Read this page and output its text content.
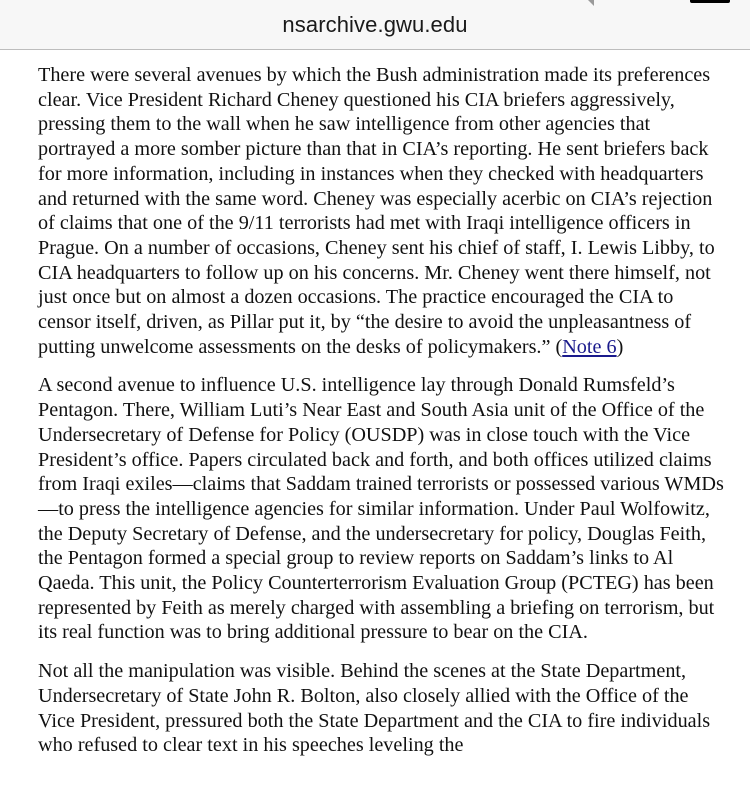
nsarchive.gwu.edu

There were several avenues by which the Bush administration made its preferences clear. Vice President Richard Cheney questioned his CIA briefers aggressively, pressing them to the wall when he saw intelligence from other agencies that portrayed a more somber picture than that in CIA’s reporting. He sent briefers back for more information, including in instances when they checked with headquarters and returned with the same word. Cheney was especially acerbic on CIA’s rejection of claims that one of the 9/11 terrorists had met with Iraqi intelligence officers in Prague. On a number of occasions, Cheney sent his chief of staff, I. Lewis Libby, to CIA headquarters to follow up on his concerns. Mr. Cheney went there himself, not just once but on almost a dozen occasions. The practice encouraged the CIA to censor itself, driven, as Pillar put it, by “the desire to avoid the unpleasantness of putting unwelcome assessments on the desks of policymakers.” (Note 6)

A second avenue to influence U.S. intelligence lay through Donald Rumsfeld’s Pentagon. There, William Luti’s Near East and South Asia unit of the Office of the Undersecretary of Defense for Policy (OUSDP) was in close touch with the Vice President’s office. Papers circulated back and forth, and both offices utilized claims from Iraqi exiles—claims that Saddam trained terrorists or possessed various WMDs—to press the intelligence agencies for similar information. Under Paul Wolfowitz, the Deputy Secretary of Defense, and the undersecretary for policy, Douglas Feith, the Pentagon formed a special group to review reports on Saddam’s links to Al Qaeda. This unit, the Policy Counterterrorism Evaluation Group (PCTEG) has been represented by Feith as merely charged with assembling a briefing on terrorism, but its real function was to bring additional pressure to bear on the CIA.

Not all the manipulation was visible. Behind the scenes at the State Department, Undersecretary of State John R. Bolton, also closely allied with the Office of the Vice President, pressured both the State Department and the CIA to fire individuals who refused to clear text in his speeches leveling the
